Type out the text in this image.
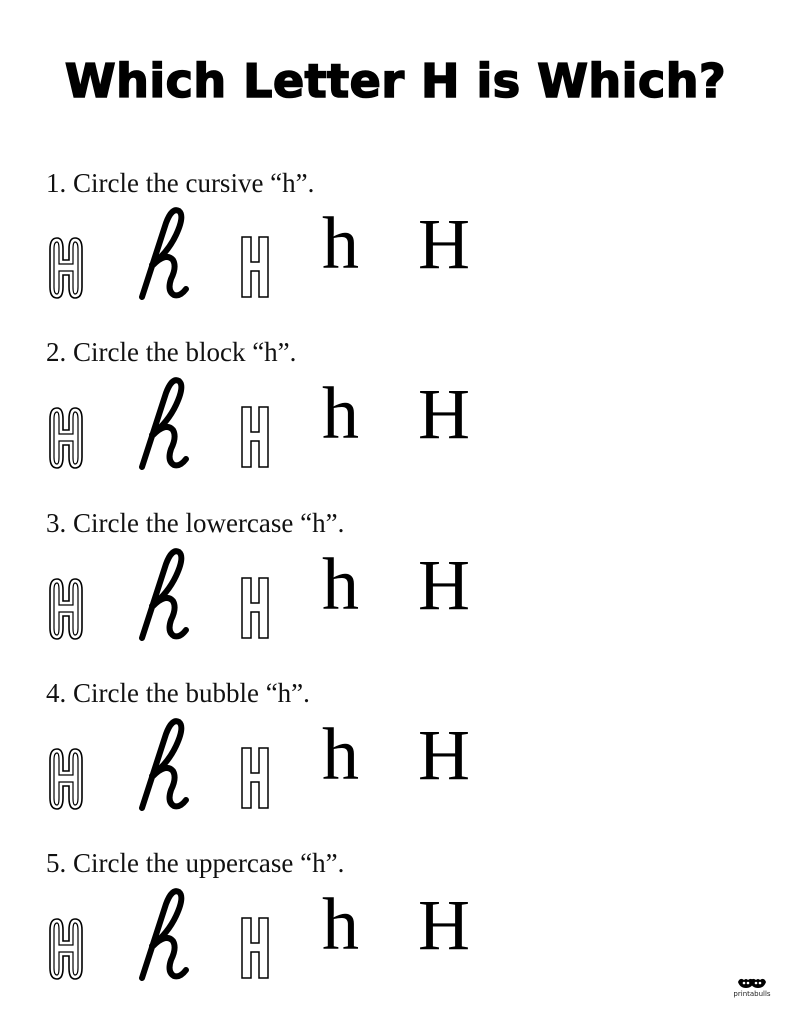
Which Letter H is Which?
1. Circle the cursive “h”.
h H
2. Circle the block “h”.
h H
3. Circle the lowercase “h”.
h H
4. Circle the bubble “h”.
h H
5. Circle the uppercase “h”.
h H
printabulls
